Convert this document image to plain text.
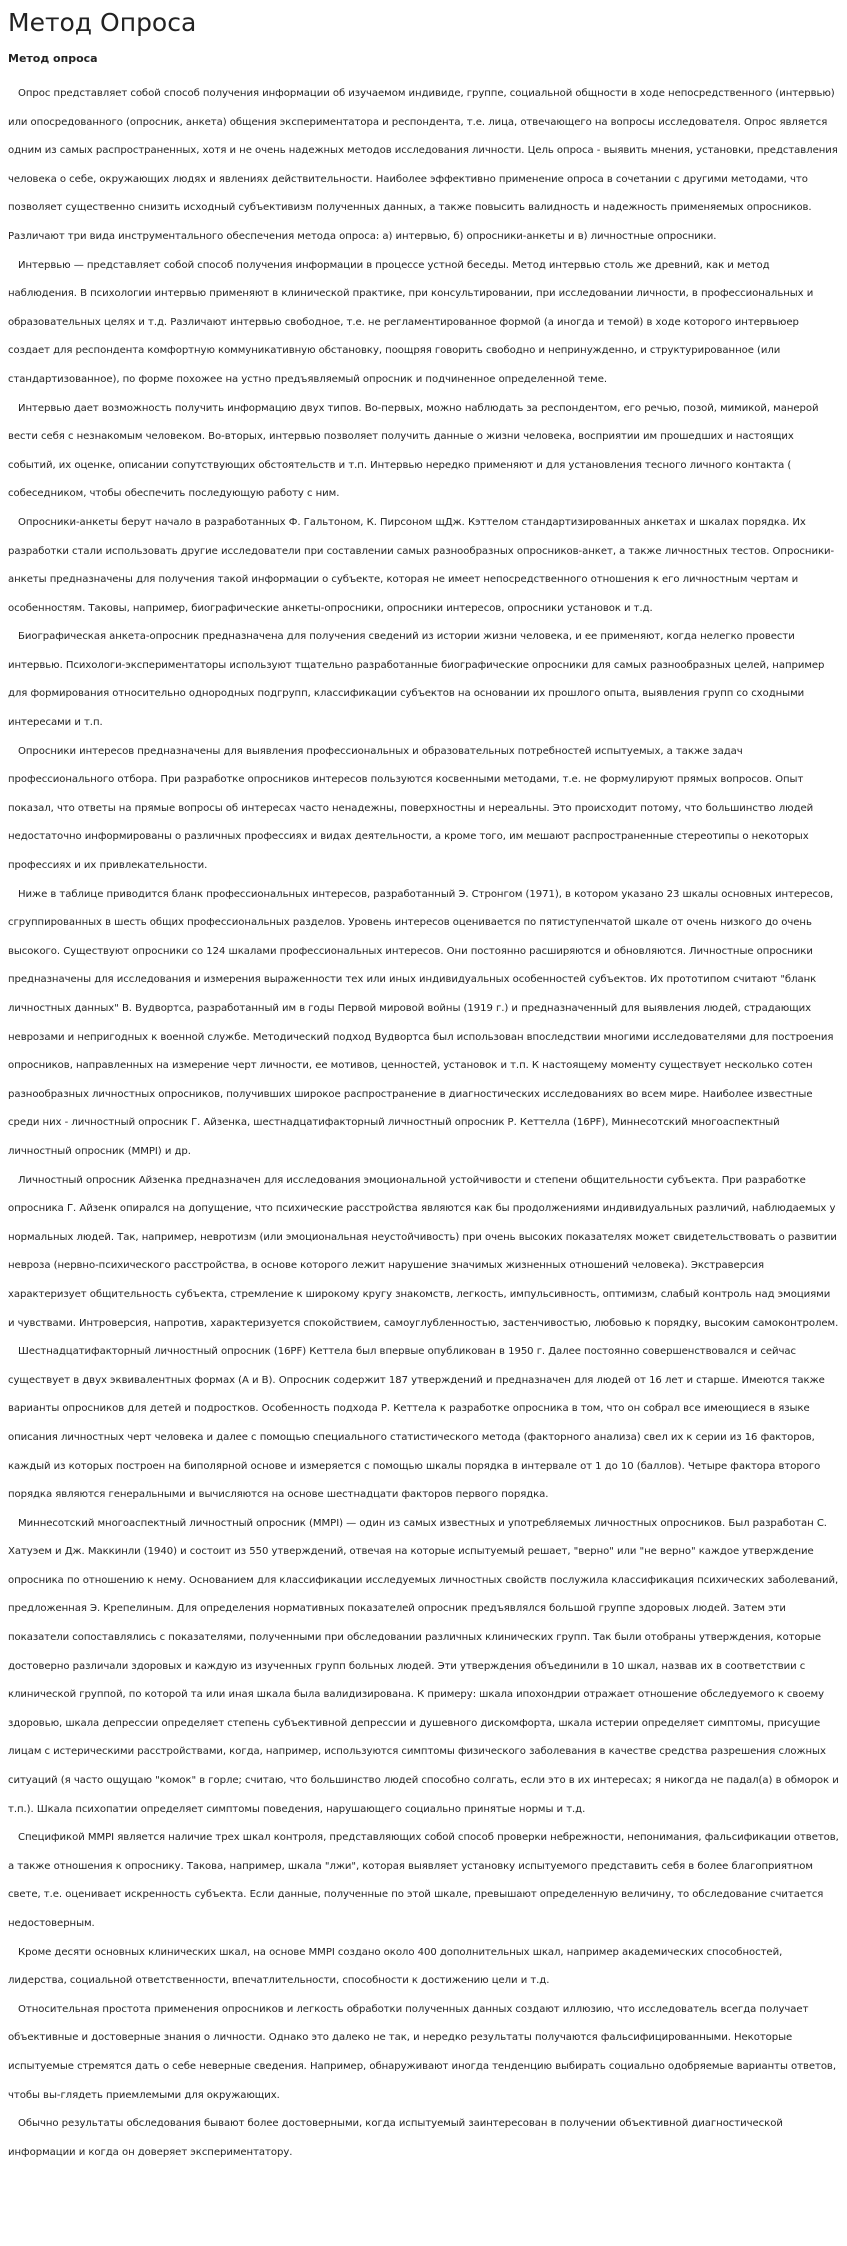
Метод Опроса
Метод опроса

Опрос представляет собой способ получения информации об изучаемом индивиде, группе, социальной общности в ходе непосредственного (интервью) или опосредованного (опросник, анкета) общения экспериментатора и респондента, т.е. лица, отвечающего на вопросы исследователя. Опрос является одним из самых распространенных, хотя и не очень надежных методов исследования личности. Цель опроса - выявить мнения, установки, представления человека о себе, окружающих людях и явлениях действительности. Наиболее эффективно применение опроса в сочетании с другими методами, что позволяет существенно снизить исходный субъективизм полученных данных, а также повысить валидность и надежность применяемых опросников. Различают три вида инструментального обеспечения метода опроса: а) интервью, б) опросники-анкеты и в) личностные опросники.

Интервью — представляет собой способ получения информации в процессе устной беседы. Метод интервью столь же древний, как и метод наблюдения. В психологии интервью применяют в клинической практике, при консультировании, при исследовании личности, в профессиональных и образовательных целях и т.д. Различают интервью свободное, т.е. не регламентированное формой (а иногда и темой) в ходе которого интервьюер создает для респондента комфортную коммуникативную обстановку, поощряя говорить свободно и непринужденно, и структурированное (или стандартизованное), по форме похожее на устно предъявляемый опросник и подчиненное определенной теме.

Интервью дает возможность получить информацию двух типов. Во-первых, можно наблюдать за респондентом, его речью, позой, мимикой, манерой вести себя с незнакомым человеком. Во-вторых, интервью позволяет получить данные о жизни человека, восприятии им прошедших и настоящих событий, их оценке, описании сопутствующих обстоятельств и т.п. Интервью нередко применяют и для установления тесного личного контакта ( собеседником, чтобы обеспечить последующую работу с ним.

Опросники-анкеты берут начало в разработанных Ф. Гальтоном, К. Пирсоном щДж. Кэттелом стандартизированных анкетах и шкалах порядка. Их разработки стали использовать другие исследователи при составлении самых разнообразных опросников-анкет, а также личностных тестов. Опросники-анкеты предназначены для получения такой информации о субъекте, которая не имеет непосредственного отношения к его личностным чертам и особенностям. Таковы, например, биографические анкеты-опросники, опросники интересов, опросники установок и т.д.

Биографическая анкета-опросник предназначена для получения сведений из истории жизни человека, и ее применяют, когда нелегко провести интервью. Психологи-экспериментаторы используют тщательно разработанные биографические опросники для самых разнообразных целей, например для формирования относительно однородных подгрупп, классификации субъектов на основании их прошлого опыта, выявления групп со сходными интересами и т.п.

Опросники интересов предназначены для выявления профессиональных и образовательных потребностей испытуемых, а также задач профессионального отбора. При разработке опросников интересов пользуются косвенными методами, т.е. не формулируют прямых вопросов. Опыт показал, что ответы на прямые вопросы об интересах часто ненадежны, поверхностны и нереальны. Это происходит потому, что большинство людей недостаточно информированы о различных профессиях и видах деятельности, а кроме того, им мешают распространенные стереотипы о некоторых профессиях и их привлекательности.

Ниже в таблице приводится бланк профессиональных интересов, разработанный Э. Стронгом (1971), в котором указано 23 шкалы основных интересов, сгруппированных в шесть общих профессиональных разделов. Уровень интересов оценивается по пятиступенчатой шкале от очень низкого до очень высокого. Существуют опросники со 124 шкалами профессиональных интересов. Они постоянно расширяются и обновляются. Личностные опросники предназначены для исследования и измерения выраженности тех или иных индивидуальных особенностей субъектов. Их прототипом считают "бланк личностных данных" В. Вудвортса, разработанный им в годы Первой мировой войны (1919 г.) и предназначенный для выявления людей, страдающих неврозами и непригодных к военной службе. Методический подход Вудвортса был использован впоследствии многими исследователями для построения опросников, направленных на измерение черт личности, ее мотивов, ценностей, установок и т.п. К настоящему моменту существует несколько сотен разнообразных личностных опросников, получивших широкое распространение в диагностических исследованиях во всем мире. Наиболее известные среди них - личностный опросник Г. Айзенка, шестнадцатифакторный личностный опросник Р. Кеттелла (16PF), Миннесотский многоаспектный личностный опросник (MMPI) и др.

Личностный опросник Айзенка предназначен для исследования эмоциональной устойчивости и степени общительности субъекта. При разработке опросника Г. Айзенк опирался на допущение, что психические расстройства являются как бы продолжениями индивидуальных различий, наблюдаемых у нормальных людей. Так, например, невротизм (или эмоциональная неустойчивость) при очень высоких показателях может свидетельствовать о развитии невроза (нервно-психического расстройства, в основе которого лежит нарушение значимых жизненных отношений человека). Экстраверсия характеризует общительность субъекта, стремление к широкому кругу знакомств, легкость, импульсивность, оптимизм, слабый контроль над эмоциями и чувствами. Интроверсия, напротив, характеризуется спокойствием, самоуглубленностью, застенчивостью, любовью к порядку, высоким самоконтролем.

Шестнадцатифакторный личностный опросник (16PF) Кеттела был впервые опубликован в 1950 г. Далее постоянно совершенствовался и сейчас существует в двух эквивалентных формах (А и В). Опросник содержит 187 утверждений и предназначен для людей от 16 лет и старше. Имеются также варианты опросников для детей и подростков. Особенность подхода Р. Кеттела к разработке опросника в том, что он собрал все имеющиеся в языке описания личностных черт человека и далее с помощью специального статистического метода (факторного анализа) свел их к серии из 16 факторов, каждый из которых построен на биполярной основе и измеряется с помощью шкалы порядка в интервале от 1 до 10 (баллов). Четыре фактора второго порядка являются генеральными и вычисляются на основе шестнадцати факторов первого порядка.

Миннесотский многоаспектный личностный опросник (MMPI) — один из самых известных и употребляемых личностных опросников. Был разработан С. Хатуэем и Дж. Маккинли (1940) и состоит из 550 утверждений, отвечая на которые испытуемый решает, "верно" или "не верно" каждое утверждение опросника по отношению к нему. Основанием для классификации исследуемых личностных свойств послужила классификация психических заболеваний, предложенная Э. Крепелиным. Для определения нормативных показателей опросник предъявлялся большой группе здоровых людей. Затем эти показатели сопоставлялись с показателями, полученными при обследовании различных клинических групп. Так были отобраны утверждения, которые достоверно различали здоровых и каждую из изученных групп больных людей. Эти утверждения объединили в 10 шкал, назвав их в соответствии с клинической группой, по которой та или иная шкала была валидизирована. К примеру: шкала ипохондрии отражает отношение обследуемого к своему здоровью, шкала депрессии определяет степень субъективной депрессии и душевного дискомфорта, шкала истерии определяет симптомы, присущие лицам с истерическими расстройствами, когда, например, используются симптомы физического заболевания в качестве средства разрешения сложных ситуаций (я часто ощущаю "комок" в горле; считаю, что большинство людей способно солгать, если это в их интересах; я никогда не падал(а) в обморок и т.п.). Шкала психопатии определяет симптомы поведения, нарушающего социально принятые нормы и т.д.

Спецификой MMPI является наличие трех шкал контроля, представляющих собой способ проверки небрежности, непонимания, фальсификации ответов, а также отношения к опроснику. Такова, например, шкала "лжи", которая выявляет установку испытуемого представить себя в более благоприятном свете, т.е. оценивает искренность субъекта. Если данные, полученные по этой шкале, превышают определенную величину, то обследование считается недостоверным.

Кроме десяти основных клинических шкал, на основе MMPI создано около 400 дополнительных шкал, например академических способностей, лидерства, социальной ответственности, впечатлительности, способности к достижению цели и т.д.

Относительная простота применения опросников и легкость обработки полученных данных создают иллюзию, что исследователь всегда получает объективные и достоверные знания о личности. Однако это далеко не так, и нередко результаты получаются фальсифицированными. Некоторые испытуемые стремятся дать о себе неверные сведения. Например, обнаруживают иногда тенденцию выбирать социально одобряемые варианты ответов, чтобы вы-глядеть приемлемыми для окружающих.

Обычно результаты обследования бывают более достоверными, когда испытуемый заинтересован в получении объективной диагностической информации и когда он доверяет экспериментатору.
